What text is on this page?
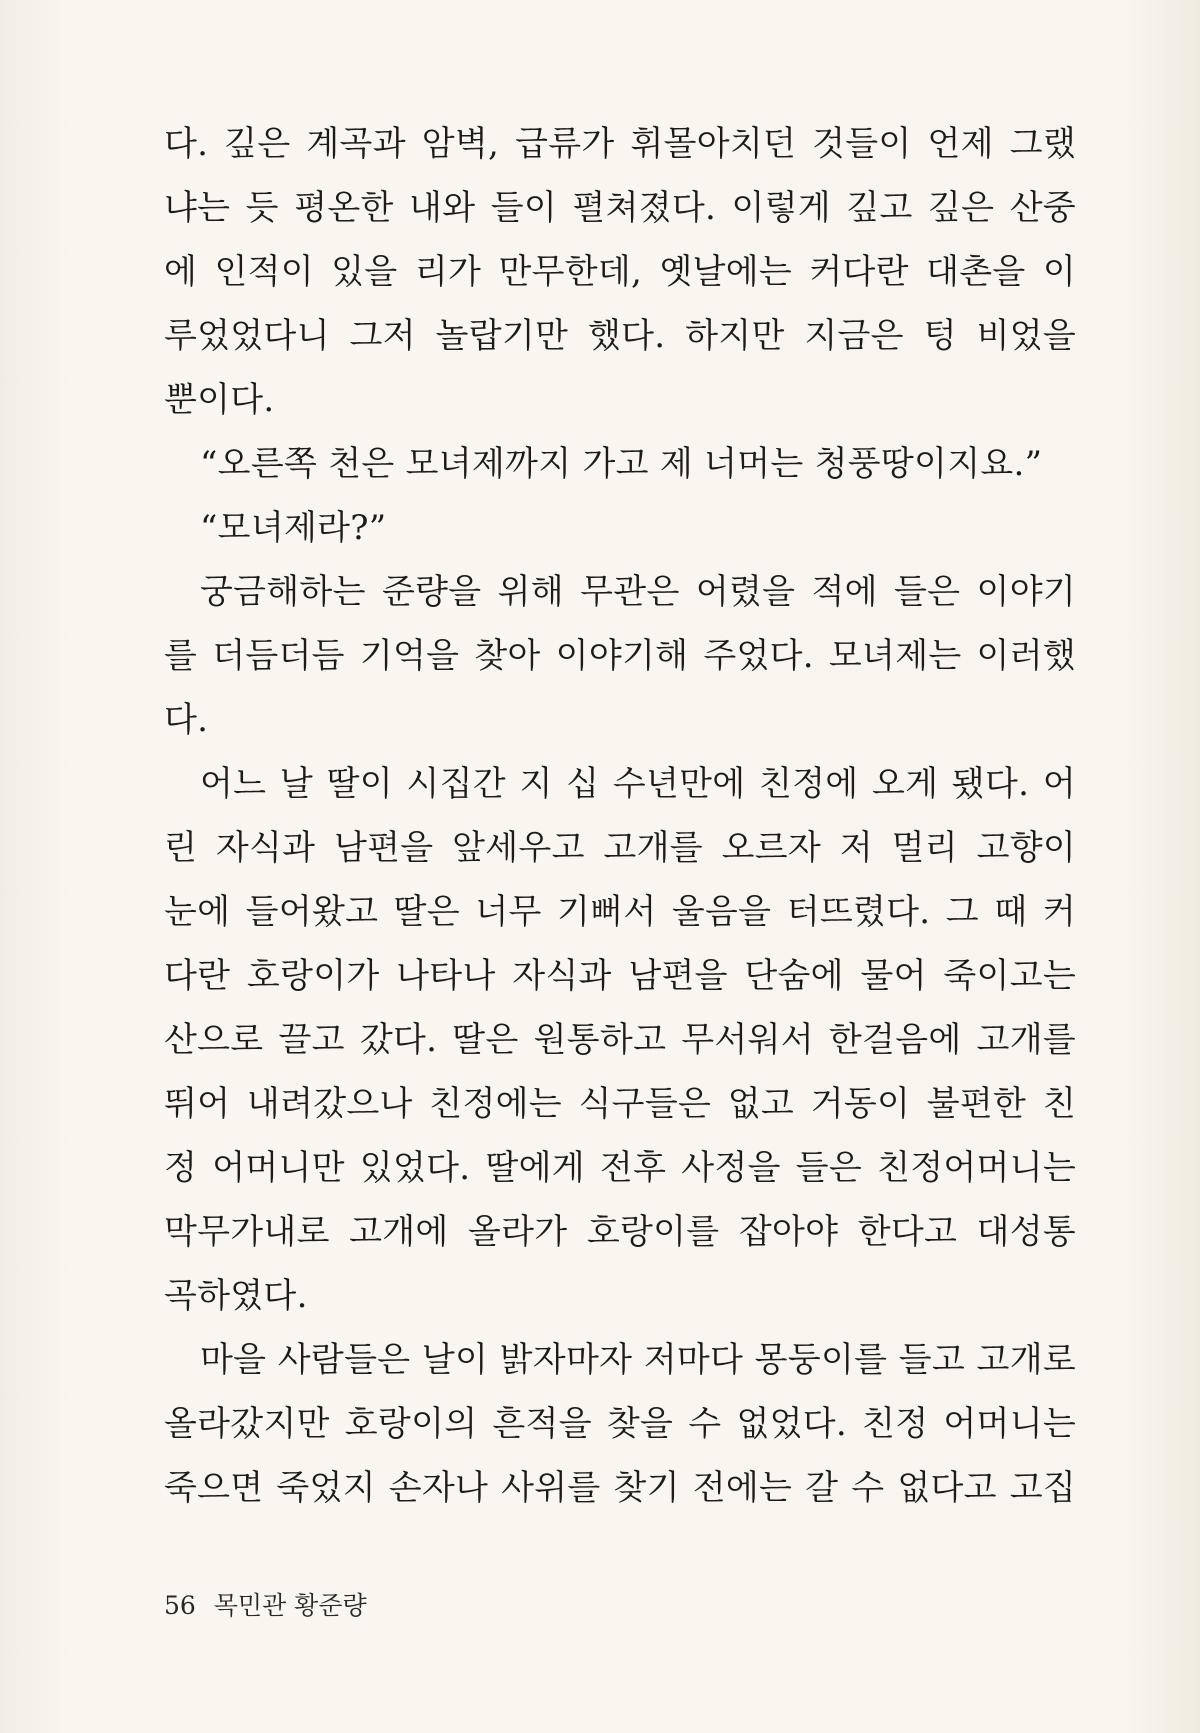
다. 깊은 계곡과 암벽, 급류가 휘몰아치던 것들이 언제 그랬
냐는 듯 평온한 내와 들이 펼쳐졌다. 이렇게 깊고 깊은 산중
에 인적이 있을 리가 만무한데, 옛날에는 커다란 대촌을 이
루었었다니 그저 놀랍기만 했다. 하지만 지금은 텅 비었을
뿐이다.
“오른쪽 천은 모녀제까지 가고 제 너머는 청풍땅이지요.”
“모녀제라?”
궁금해하는 준량을 위해 무관은 어렸을 적에 들은 이야기
를 더듬더듬 기억을 찾아 이야기해 주었다. 모녀제는 이러했
다.
어느 날 딸이 시집간 지 십 수년만에 친정에 오게 됐다. 어
린 자식과 남편을 앞세우고 고개를 오르자 저 멀리 고향이
눈에 들어왔고 딸은 너무 기뻐서 울음을 터뜨렸다. 그 때 커
다란 호랑이가 나타나 자식과 남편을 단숨에 물어 죽이고는
산으로 끌고 갔다. 딸은 원통하고 무서워서 한걸음에 고개를
뛰어 내려갔으나 친정에는 식구들은 없고 거동이 불편한 친
정 어머니만 있었다. 딸에게 전후 사정을 들은 친정어머니는
막무가내로 고개에 올라가 호랑이를 잡아야 한다고 대성통
곡하였다.
마을 사람들은 날이 밝자마자 저마다 몽둥이를 들고 고개로
올라갔지만 호랑이의 흔적을 찾을 수 없었다. 친정 어머니는
죽으면 죽었지 손자나 사위를 찾기 전에는 갈 수 없다고 고집
56 목민관 황준량
